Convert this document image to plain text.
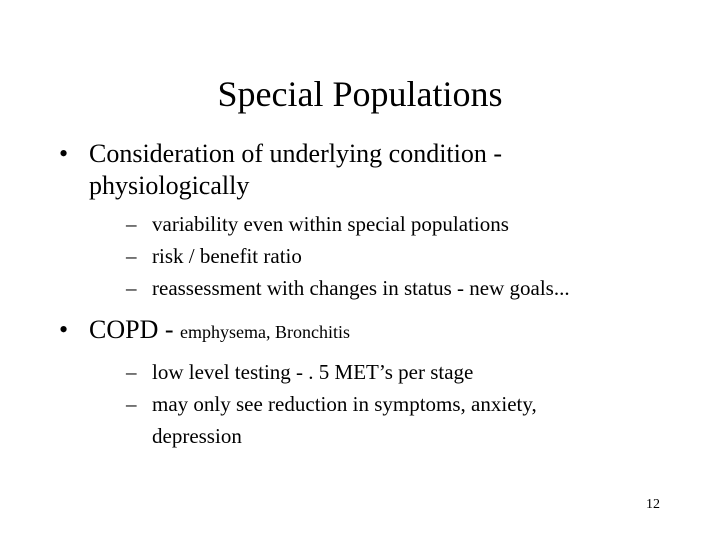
Special Populations
• Consideration of underlying condition -
physiologically
– variability even within special populations
– risk / benefit ratio
– reassessment with changes in status - new goals...
• COPD - emphysema, Bronchitis
– low level testing - . 5 MET’s per stage
– may only see reduction in symptoms, anxiety,
depression
12
